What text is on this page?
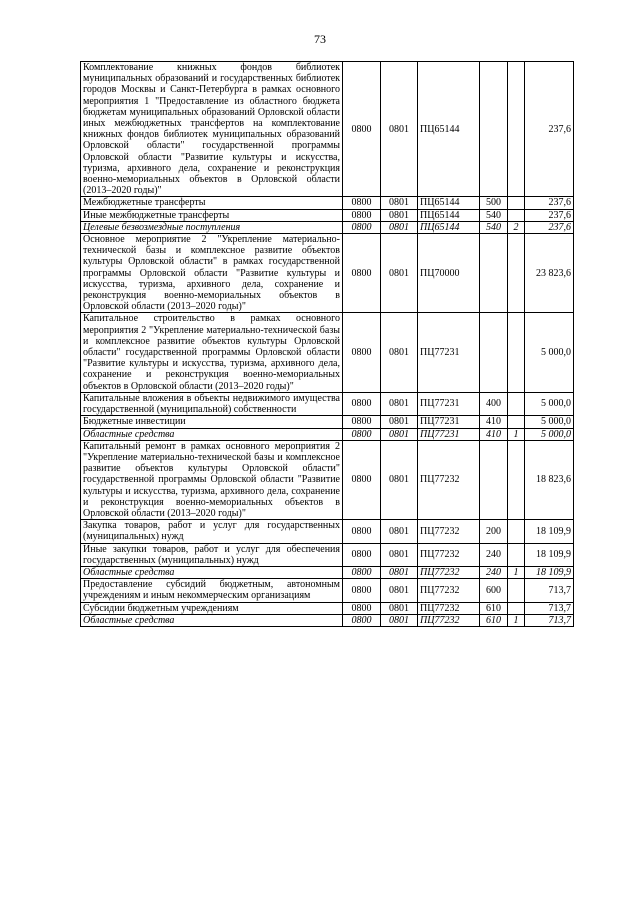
73
Комплектование книжных фондов библиотек муниципальных образований и государственных библиотек городов Москвы и Санкт-Петербурга в рамках основного мероприятия 1 "Предоставление из областного бюджета бюджетам муниципальных образований Орловской области иных межбюджетных трансфертов на комплектование книжных фондов библиотек муниципальных образований Орловской области" государственной программы Орловской области "Развитие культуры и искусства, туризма, архивного дела, сохранение и реконструкция военно-мемориальных объектов в Орловской области (2013–2020 годы)"	0800	0801	ПЦ65144			237,6
Межбюджетные трансферты	0800	0801	ПЦ65144	500		237,6
Иные межбюджетные трансферты	0800	0801	ПЦ65144	540		237,6
Целевые безвозмездные поступления	0800	0801	ПЦ65144	540	2	237,6
Основное мероприятие 2 "Укрепление материально-технической базы и комплексное развитие объектов культуры Орловской области" в рамках государственной программы Орловской области "Развитие культуры и искусства, туризма, архивного дела, сохранение и реконструкция военно-мемориальных объектов в Орловской области (2013–2020 годы)"	0800	0801	ПЦ70000			23 823,6
Капитальное строительство в рамках основного мероприятия 2 "Укрепление материально-технической базы и комплексное развитие объектов культуры Орловской области" государственной программы Орловской области "Развитие культуры и искусства, туризма, архивного дела, сохранение и реконструкция военно-мемориальных объектов в Орловской области (2013–2020 годы)"	0800	0801	ПЦ77231			5 000,0
Капитальные вложения в объекты недвижимого имущества государственной (муниципальной) собственности	0800	0801	ПЦ77231	400		5 000,0
Бюджетные инвестиции	0800	0801	ПЦ77231	410		5 000,0
Областные средства	0800	0801	ПЦ77231	410	1	5 000,0
Капитальный ремонт в рамках основного мероприятия 2 "Укрепление материально-технической базы и комплексное развитие объектов культуры Орловской области" государственной программы Орловской области "Развитие культуры и искусства, туризма, архивного дела, сохранение и реконструкция военно-мемориальных объектов в Орловской области (2013–2020 годы)"	0800	0801	ПЦ77232			18 823,6
Закупка товаров, работ и услуг для государственных (муниципальных) нужд	0800	0801	ПЦ77232	200		18 109,9
Иные закупки товаров, работ и услуг для обеспечения государственных (муниципальных) нужд	0800	0801	ПЦ77232	240		18 109,9
Областные средства	0800	0801	ПЦ77232	240	1	18 109,9
Предоставление субсидий бюджетным, автономным учреждениям и иным некоммерческим организациям	0800	0801	ПЦ77232	600		713,7
Субсидии бюджетным учреждениям	0800	0801	ПЦ77232	610		713,7
Областные средства	0800	0801	ПЦ77232	610	1	713,7
